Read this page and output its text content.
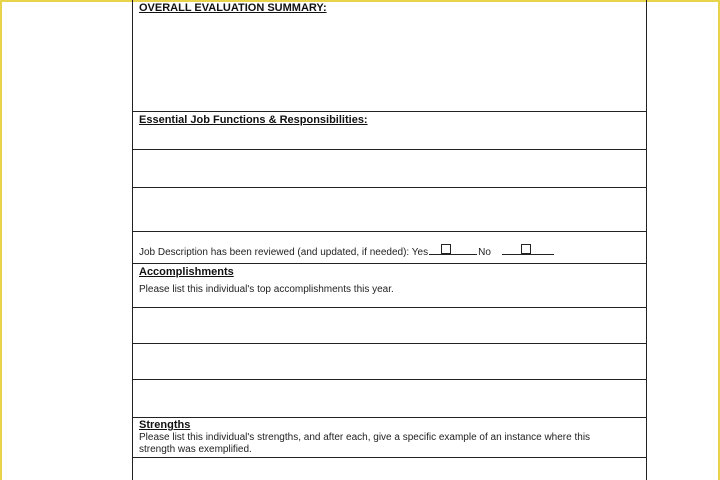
OVERALL EVALUATION SUMMARY:
Essential Job Functions & Responsibilities:
Job Description has been reviewed (and updated, if needed): Yes	No
Accomplishments
Please list this individual's top accomplishments this year.
Strengths
Please list this individual's strengths, and after each, give a specific example of an instance where this
strength was exemplified.
